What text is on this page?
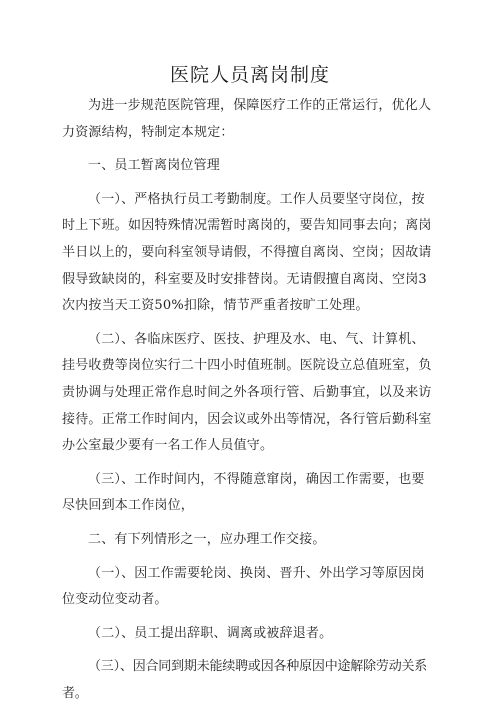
医院人员离岗制度

为进一步规范医院管理，保障医疗工作的正常运行，优化人力资源结构，特制定本规定：

一、员工暂离岗位管理

（一）、严格执行员工考勤制度。工作人员要坚守岗位，按时上下班。如因特殊情况需暂时离岗的，要告知同事去向；离岗半日以上的，要向科室领导请假，不得擅自离岗、空岗；因故请假导致缺岗的，科室要及时安排替岗。无请假擅自离岗、空岗3次内按当天工资50%扣除，情节严重者按旷工处理。

（二）、各临床医疗、医技、护理及水、电、气、计算机、挂号收费等岗位实行二十四小时值班制。医院设立总值班室，负责协调与处理正常作息时间之外各项行管、后勤事宜，以及来访接待。正常工作时间内，因会议或外出等情况，各行管后勤科室办公室最少要有一名工作人员值守。

（三）、工作时间内，不得随意窜岗，确因工作需要，也要尽快回到本工作岗位，

二、有下列情形之一，应办理工作交接。

（一）、因工作需要轮岗、换岗、晋升、外出学习等原因岗位变动位变动者。

（二）、员工提出辞职、调离或被辞退者。

（三）、因合同到期未能续聘或因各种原因中途解除劳动关系者。
